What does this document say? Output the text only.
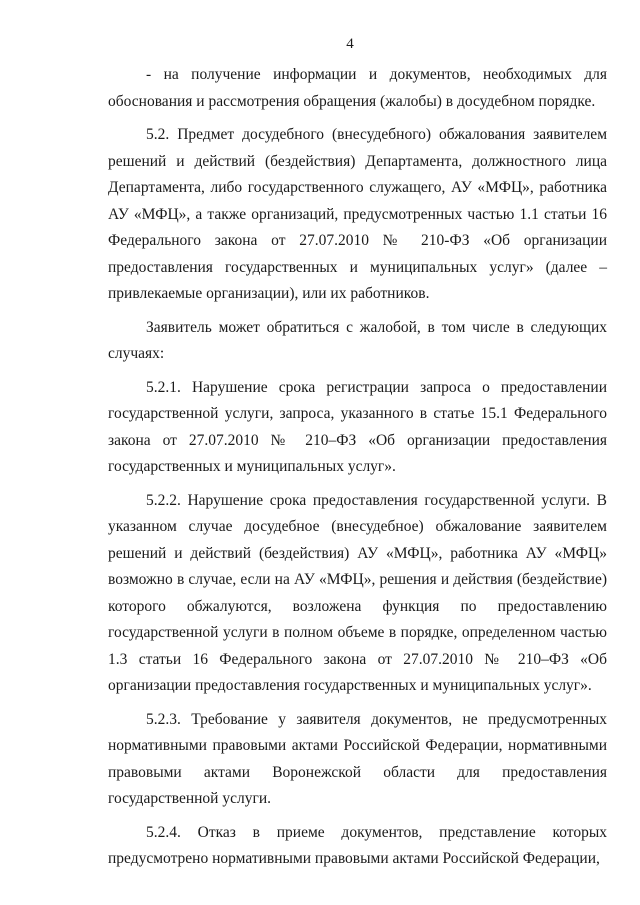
4

- на получение информации и документов, необходимых для обоснования и рассмотрения обращения (жалобы) в досудебном порядке.

5.2. Предмет досудебного (внесудебного) обжалования заявителем решений и действий (бездействия) Департамента, должностного лица Департамента, либо государственного служащего, АУ «МФЦ», работника АУ «МФЦ», а также организаций, предусмотренных частью 1.1 статьи 16 Федерального закона от 27.07.2010 № 210-ФЗ «Об организации предоставления государственных и муниципальных услуг» (далее – привлекаемые организации), или их работников.

Заявитель может обратиться с жалобой, в том числе в следующих случаях:

5.2.1. Нарушение срока регистрации запроса о предоставлении государственной услуги, запроса, указанного в статье 15.1 Федерального закона от 27.07.2010 № 210–ФЗ «Об организации предоставления государственных и муниципальных услуг».

5.2.2. Нарушение срока предоставления государственной услуги. В указанном случае досудебное (внесудебное) обжалование заявителем решений и действий (бездействия) АУ «МФЦ», работника АУ «МФЦ» возможно в случае, если на АУ «МФЦ», решения и действия (бездействие) которого обжалуются, возложена функция по предоставлению государственной услуги в полном объеме в порядке, определенном частью 1.3 статьи 16 Федерального закона от 27.07.2010 № 210–ФЗ «Об организации предоставления государственных и муниципальных услуг».

5.2.3. Требование у заявителя документов, не предусмотренных нормативными правовыми актами Российской Федерации, нормативными правовыми актами Воронежской области для предоставления государственной услуги.

5.2.4. Отказ в приеме документов, представление которых предусмотрено нормативными правовыми актами Российской Федерации,
